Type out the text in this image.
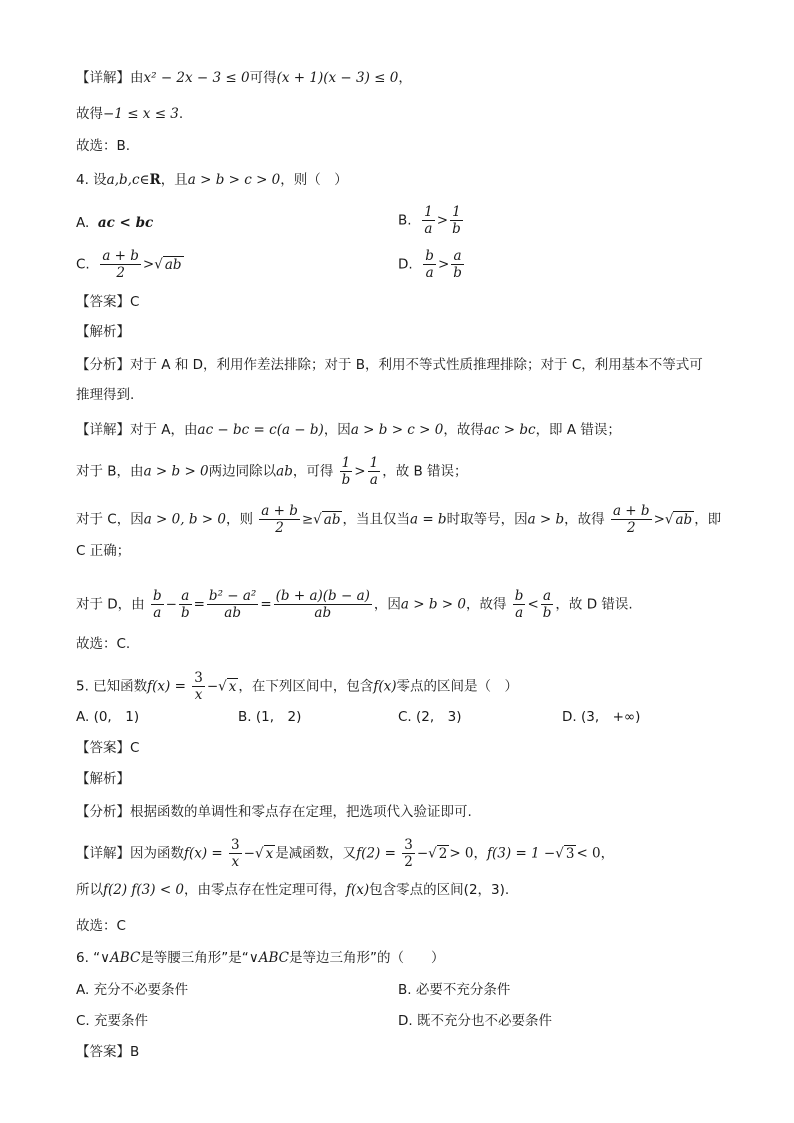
【详解】由x² − 2x − 3 ≤ 0可得(x + 1)(x − 3) ≤ 0，
故得−1 ≤ x ≤ 3.
故选：B.
4. 设a,b,c∈R，且a > b > c > 0，则（　）
A. ac < bc	B. $\frac{1}{a} > \frac{1}{b}$
C. $\frac{a + b}{2}$ >√ ab	D. $\frac{b}{a} > \frac{a}{b}$
【答案】C
【解析】
【分析】对于 A 和 D，利用作差法排除；对于 B，利用不等式性质推理排除；对于 C，利用基本不等式可
推理得到.
【详解】对于 A，由ac − bc = c(a − b)，因a > b > c > 0，故得ac > bc，即 A 错误；
对于 B，由a > b > 0两边同除以ab，可得 $\frac{1}{b} > \frac{1}{a}$ ，故 B 错误；
对于 C，因a > 0, b > 0，则 $\frac{a + b}{2}$ ≥√ ab ，当且仅当a = b时取等号，因a > b，故得 $\frac{a + b}{2}$ >√ ab ，即
C 正确；
对于 D，由 $\frac{b}{a} - \frac{a}{b} = \frac{\text{b² − a²}}{ab} = \frac{(b + a)(b - a)}{ab}$ ，因a > b > 0，故得 $\frac{b}{a} < \frac{a}{b}$ ，故 D 错误.
故选：C.
5. 已知函数$f(x) = \frac{3}{x}$ −√ x ，在下列区间中，包含f(x)零点的区间是（　）
A. (0,　1)	B. (1,　2)	C. (2,　3)	D. (3,　+∞)
【答案】C
【解析】
【分析】根据函数的单调性和零点存在定理，把选项代入验证即可.
【详解】因为函数$f(x) = \frac{3}{x}$ −√ x 是减函数，又$f(2) = \frac{3}{2}$ −√ 2 > 0，f(3) = 1 −√ 3 < 0，
所以f(2) f(3) < 0，由零点存在性定理可得，f(x)包含零点的区间(2，3).
故选：C
6. “∨ABC是等腰三角形”是“∨ABC是等边三角形”的（　　）
A. 充分不必要条件	B. 必要不充分条件
C. 充要条件	D. 既不充分也不必要条件
【答案】B
